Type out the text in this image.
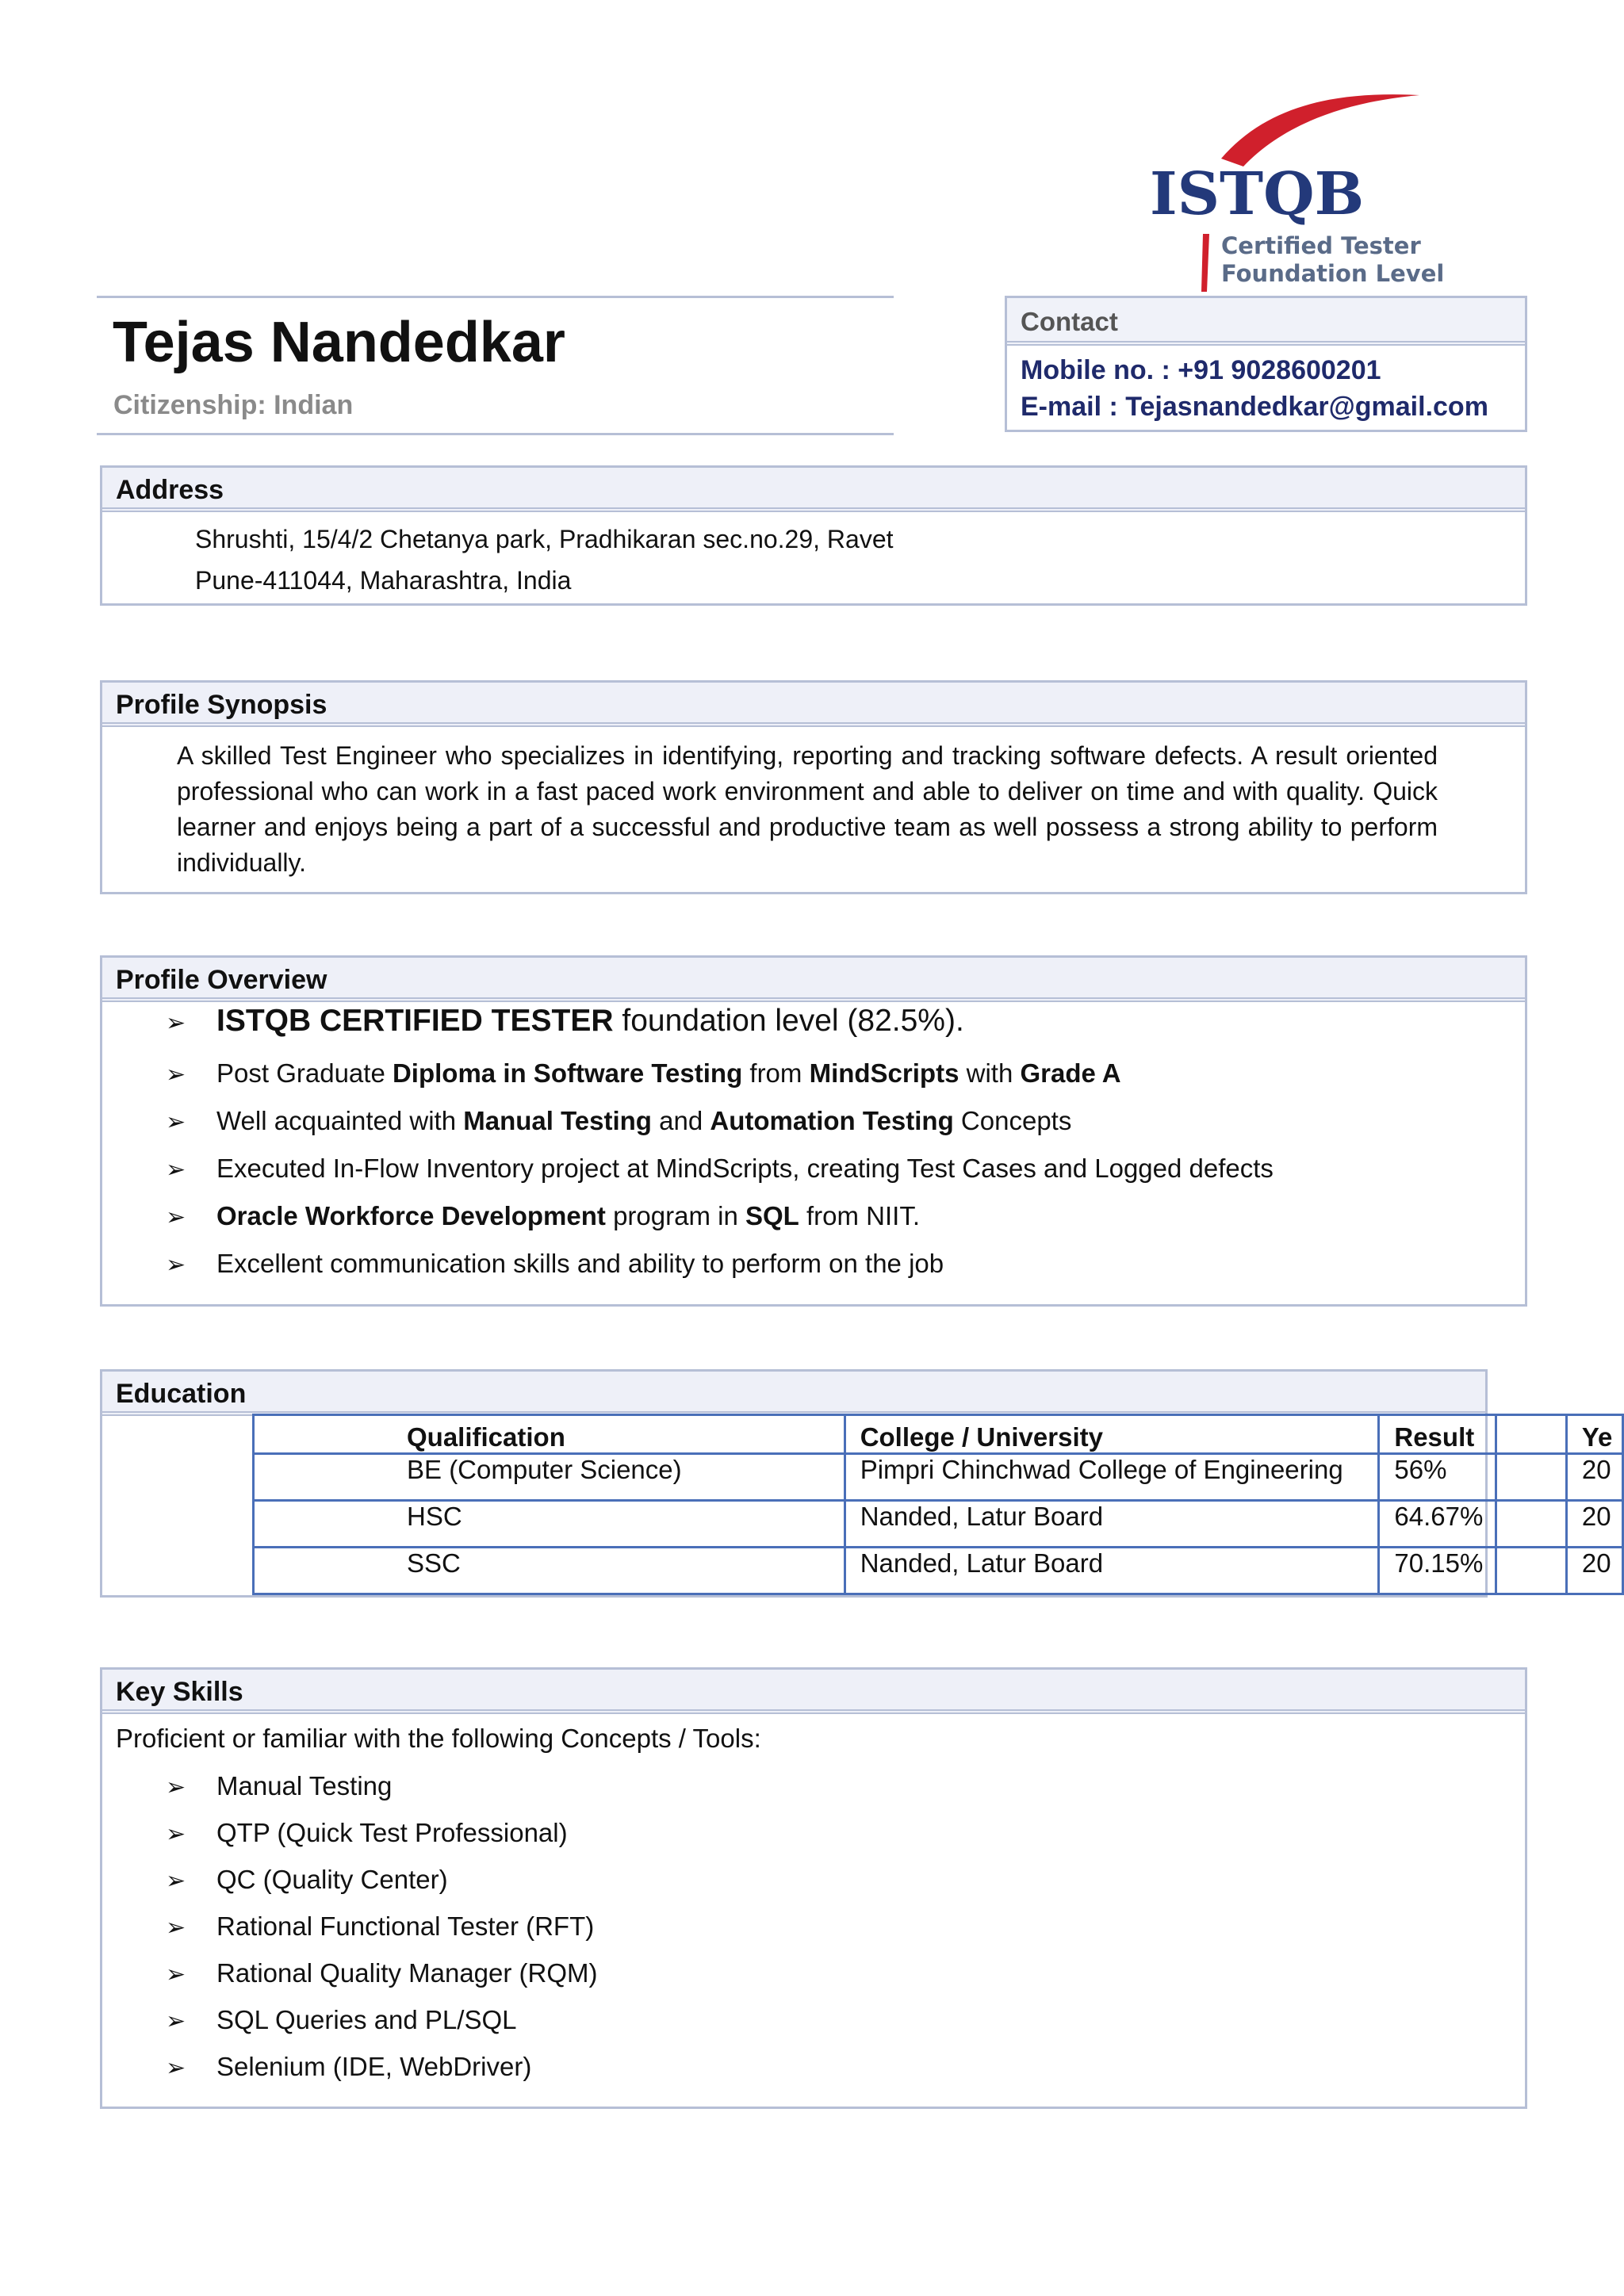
ISTQB
Certified Tester
Foundation Level
Tejas Nandedkar
Citizenship: Indian
Contact
Mobile no. : +91 9028600201
E-mail : Tejasnandedkar@gmail.com
Address
Shrushti, 15/4/2 Chetanya park, Pradhikaran sec.no.29, Ravet
Pune-411044, Maharashtra, India
Profile Synopsis
A skilled Test Engineer who specializes in identifying, reporting and tracking software defects. A result oriented professional who can work in a fast paced work environment and able to deliver on time and with quality. Quick learner and enjoys being a part of a successful and productive team as well possess a strong ability to perform individually.
Profile Overview
➢ ISTQB CERTIFIED TESTER foundation level (82.5%).
➢ Post Graduate Diploma in Software Testing from MindScripts with Grade A
➢ Well acquainted with Manual Testing and Automation Testing Concepts
➢ Executed In-Flow Inventory project at MindScripts, creating Test Cases and Logged defects
➢ Oracle Workforce Development program in SQL from NIIT.
➢ Excellent communication skills and ability to perform on the job
Education
Qualification	College / University	Result		Ye
BE (Computer Science)	Pimpri Chinchwad College of Engineering	56%		20
HSC	Nanded, Latur Board	64.67%		20
SSC	Nanded, Latur Board	70.15%		20
Key Skills
Proficient or familiar with the following Concepts / Tools:
➢ Manual Testing
➢ QTP (Quick Test Professional)
➢ QC (Quality Center)
➢ Rational Functional Tester (RFT)
➢ Rational Quality Manager (RQM)
➢ SQL Queries and PL/SQL
➢ Selenium (IDE, WebDriver)
